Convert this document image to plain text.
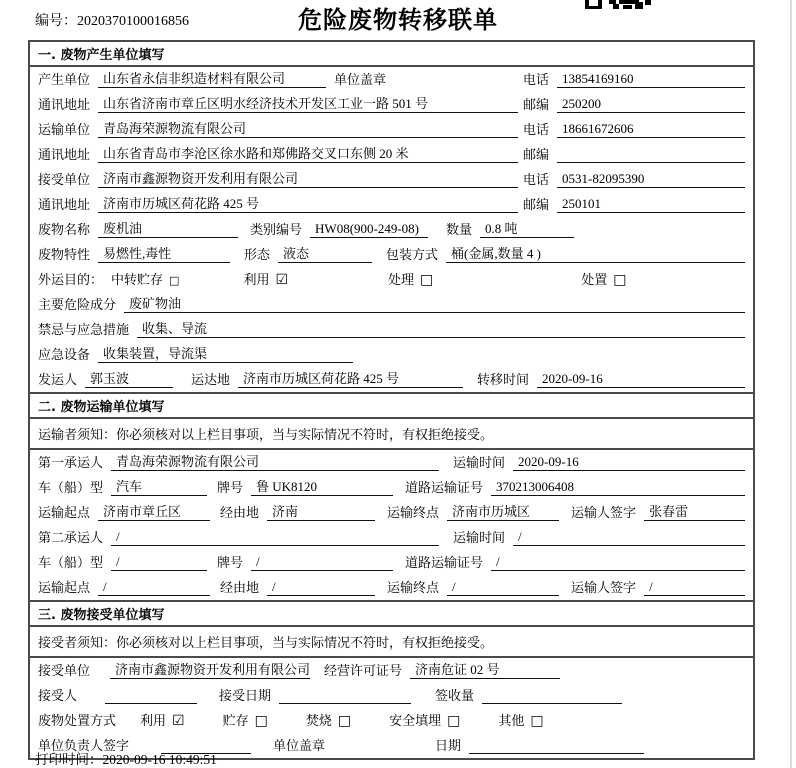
编号：2020370100016856	危险废物转移联单
一. 废物产生单位填写
产生单位	山东省永信非织造材料有限公司	单位盖章	电话	13854169160
通讯地址	山东省济南市章丘区明水经济技术开发区工业一路 501 号	邮编	250200
运输单位	青岛海荣源物流有限公司	电话	18661672606
通讯地址	山东省青岛市李沧区徐水路和郑佛路交叉口东侧 20 米	邮编
接受单位	济南市鑫源物资开发利用有限公司	电话	0531-82095390
通讯地址	济南市历城区荷花路 425 号	邮编	250101
废物名称	废机油	类别编号	HW08(900-249-08)	数量	0.8 吨
废物特性	易燃性,毒性	形态	液态	包装方式	桶(金属,数量 4 )
外运目的： 中转贮存 □	利用 ☑	处理 □	处置 □
主要危险成分	废矿物油
禁忌与应急措施	收集、导流
应急设备	收集装置，导流渠
发运人	郭玉波	运达地	济南市历城区荷花路 425 号	转移时间	2020-09-16
二. 废物运输单位填写
运输者须知：你必须核对以上栏目事项，当与实际情况不符时，有权拒绝接受。
第一承运人	青岛海荣源物流有限公司	运输时间	2020-09-16
车（船）型	汽车	牌号	鲁 UK8120	道路运输证号	370213006408
运输起点	济南市章丘区	经由地	济南	运输终点	济南市历城区	运输人签字	张春雷
第二承运人	/	运输时间	/
车（船）型	/	牌号	/	道路运输证号	/
运输起点	/	经由地	/	运输终点	/	运输人签字	/
三. 废物接受单位填写
接受者须知：你必须核对以上栏目事项，当与实际情况不符时，有权拒绝接受。
接受单位	济南市鑫源物资开发利用有限公司 经营许可证号	济南危证 02 号
接受人	接受日期	签收量
废物处置方式 利用 ☑	贮存 □	焚烧 □	安全填埋 □	其他 □
单位负责人签字	单位盖章	日期
打印时间：2020-09-16 10:49:51
